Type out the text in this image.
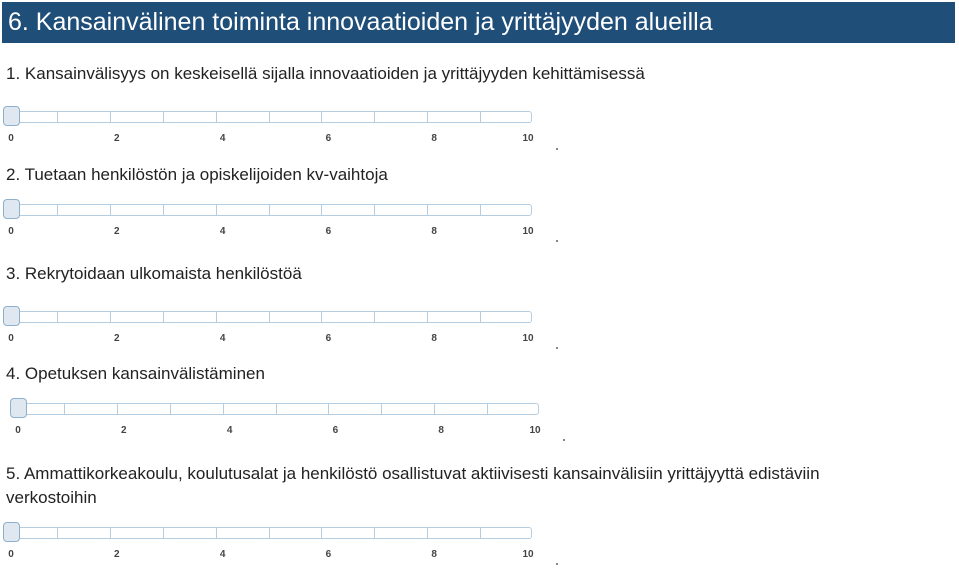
6. Kansainvälinen toiminta innovaatioiden ja yrittäjyyden alueilla
1. Kansainvälisyys on keskeisellä sijalla innovaatioiden ja yrittäjyyden kehittämisessä
0	2	4	6	8	10
2. Tuetaan henkilöstön ja opiskelijoiden kv-vaihtoja
0	2	4	6	8	10
3. Rekrytoidaan ulkomaista henkilöstöä
0	2	4	6	8	10
4. Opetuksen kansainvälistäminen
0	2	4	6	8	10
5. Ammattikorkeakoulu, koulutusalat ja henkilöstö osallistuvat aktiivisesti kansainvälisiin yrittäjyyttä edistäviin verkostoihin
0	2	4	6	8	10
